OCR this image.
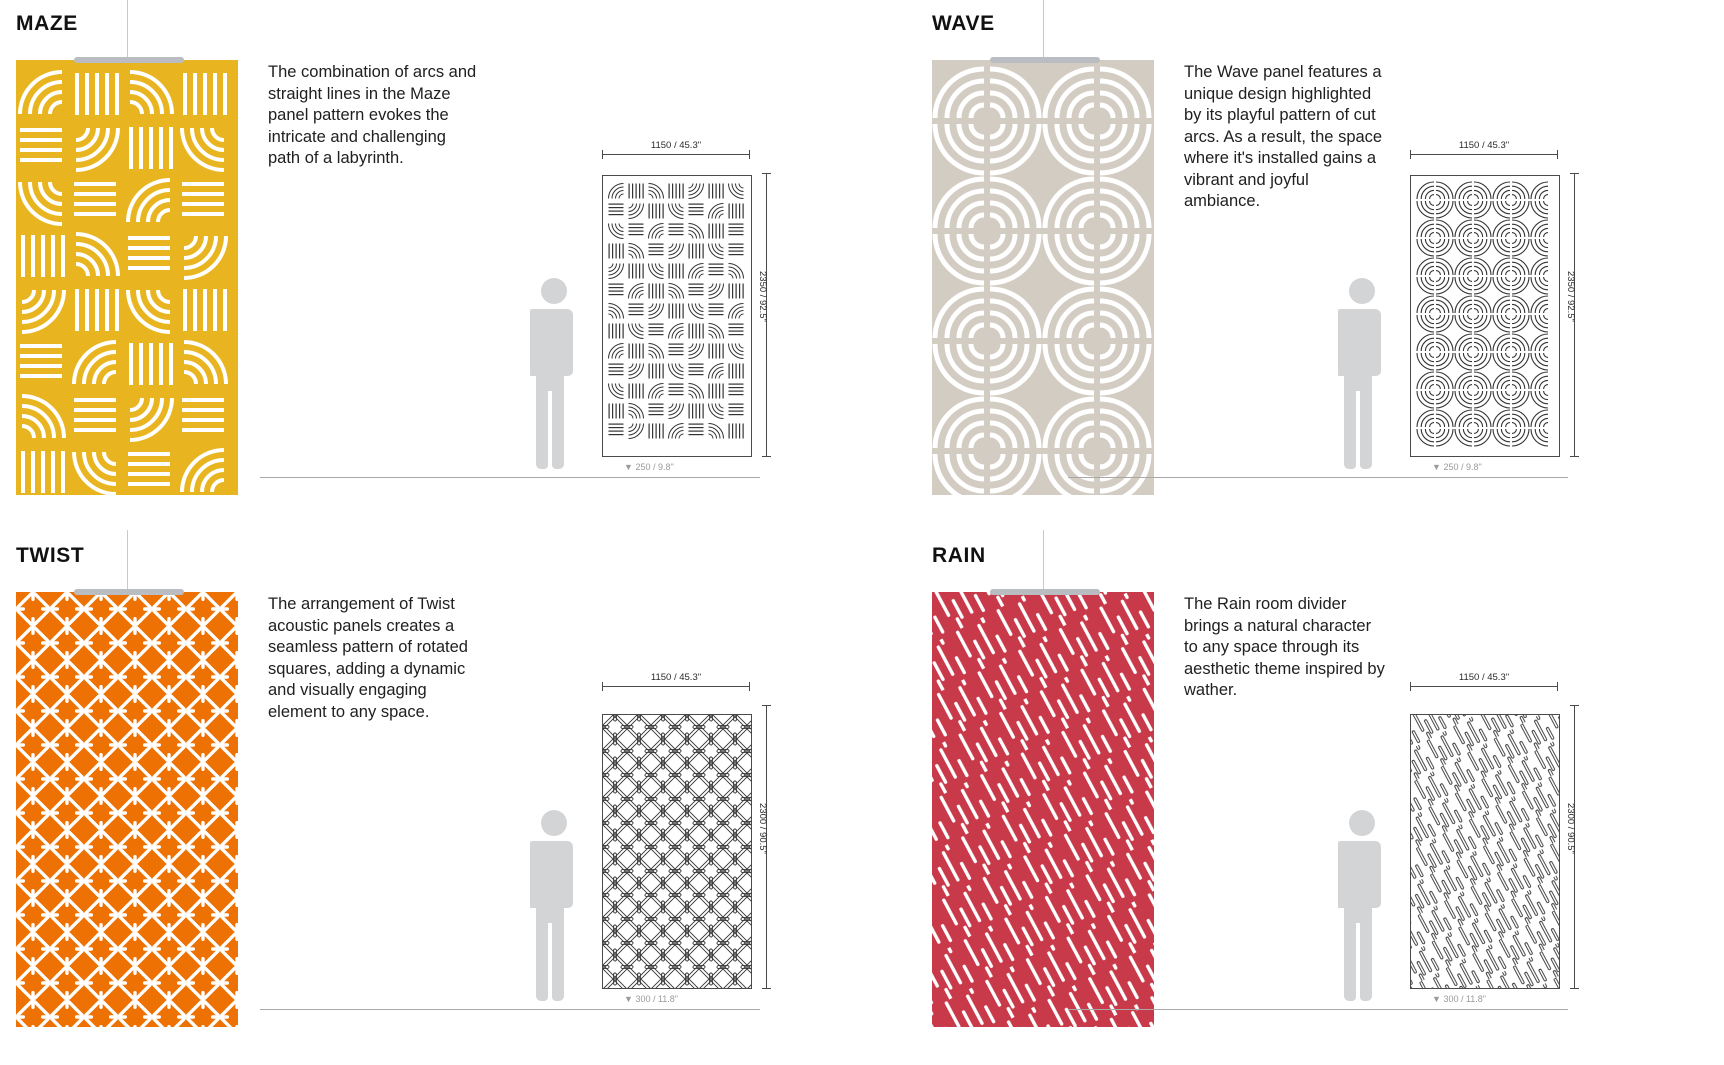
MAZE
The combination of arcs and straight lines in the Maze panel pattern evokes the intricate and challenging path of a labyrinth.
1150 / 45.3"
2350 / 92.5"
▼ 250 / 9.8"
WAVE
The Wave panel features a unique design highlighted by its playful pattern of cut arcs. As a result, the space where it's installed gains a vibrant and joyful ambiance.
1150 / 45.3"
2350 / 92.5"
▼ 250 / 9.8"
TWIST
The arrangement of Twist acoustic panels creates a seamless pattern of rotated squares, adding a dynamic and visually engaging element to any space.
1150 / 45.3"
2300 / 90.5"
▼ 300 / 11.8"
RAIN
The Rain room divider brings a natural character to any space through its aesthetic theme inspired by wather.
1150 / 45.3"
2300 / 90.5"
▼ 300 / 11.8"
